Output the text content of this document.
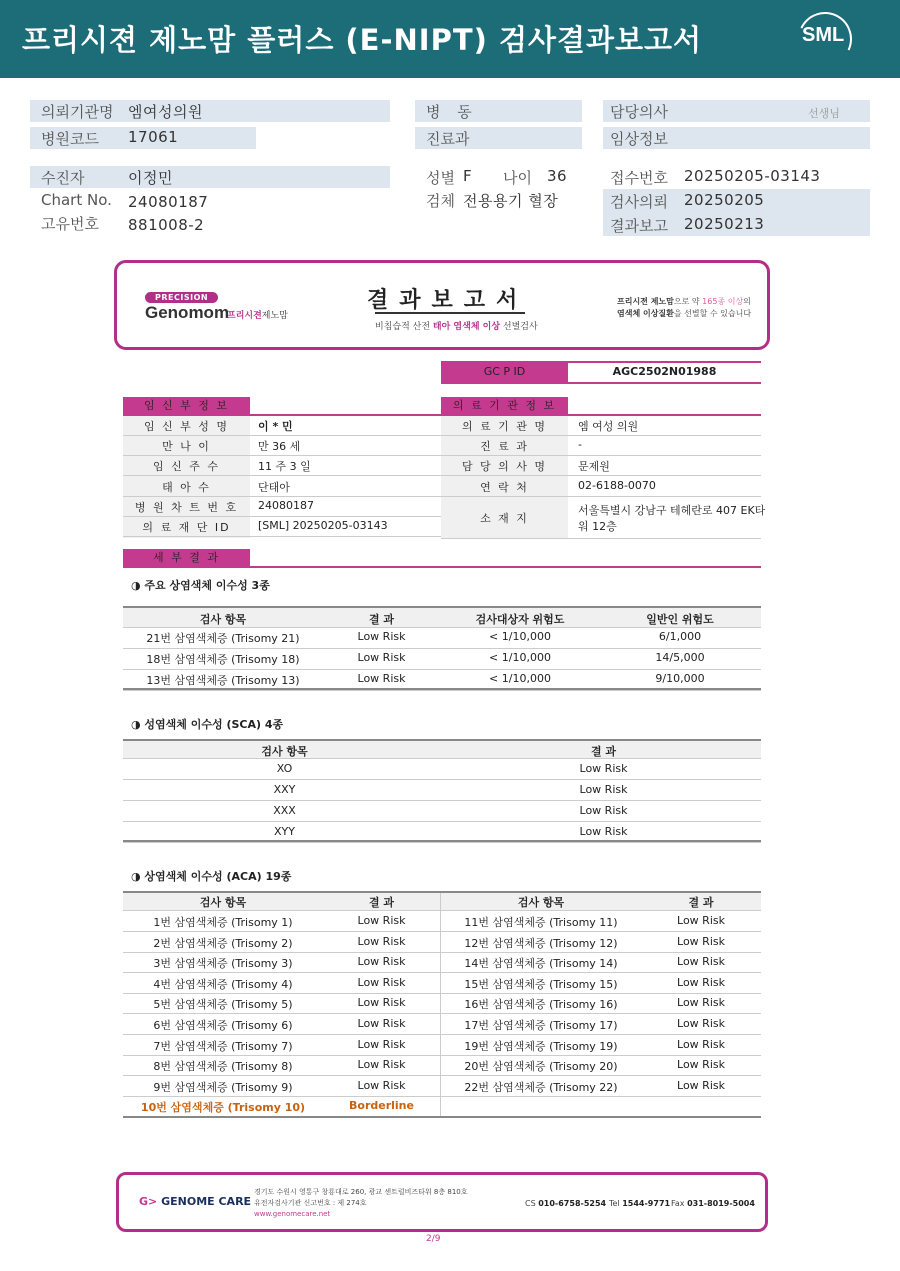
프리시젼 제노맘 플러스 (E-NIPT) 검사결과보고서	SML
의뢰기관명 엠여성의원
병원코드 17061
병 동
진료과
담당의사	선생님
임상정보
수진자	이정민
Chart No. 24080187
고유번호 881008-2
성별 F 나이 36
검체 전용용기 혈장
접수번호 20250205-03143
검사의뢰 20250205
결과보고 20250213
PRECISION
Genomom
프리시젼제노맘
결과보고서
비침습적 산전 태아 염색체 이상 선별검사
프리시젼 제노맘으로 약 165종 이상의
염색체 이상질환을 선별할 수 있습니다
GC P ID	AGC2502N01988
임 신 부 정 보
임 신 부 성 명	이 * 민
만 나 이	만 36 세
임 신 주 수	11 주 3 일
태 아 수	단태아
병 원 차 트 번 호	24080187
의 료 재 단 ID	[SML] 20250205-03143
의 료 기 관 정 보
의 료 기 관 명	엠 여성 의원
진 료 과	-
담 당 의 사 명	문제원
연 락 처	02-6188-0070
소 재 지
서울특별시 강남구 테헤란로 407 EK타
워 12층
세 부 결 과
◑ 주요 상염색체 이수성 3종
검사 항목	결 과	검사대상자 위험도	일반인 위험도
21번 삼염색체증 (Trisomy 21)	Low Risk	< 1/10,000	6/1,000
18번 삼염색체증 (Trisomy 18)	Low Risk	< 1/10,000	14/5,000
13번 삼염색체증 (Trisomy 13)	Low Risk	< 1/10,000	9/10,000
◑ 성염색체 이수성 (SCA) 4종
검사 항목	결 과
XO	Low Risk
XXY	Low Risk
XXX	Low Risk
XYY	Low Risk
◑ 상염색체 이수성 (ACA) 19종
검사 항목	결 과	검사 항목	결 과
1번 삼염색체증 (Trisomy 1)	Low Risk	11번 삼염색체증 (Trisomy 11)	Low Risk
2번 삼염색체증 (Trisomy 2)	Low Risk	12번 삼염색체증 (Trisomy 12)	Low Risk
3번 삼염색체증 (Trisomy 3)	Low Risk	14번 삼염색체증 (Trisomy 14)	Low Risk
4번 삼염색체증 (Trisomy 4)	Low Risk	15번 삼염색체증 (Trisomy 15)	Low Risk
5번 삼염색체증 (Trisomy 5)	Low Risk	16번 삼염색체증 (Trisomy 16)	Low Risk
6번 삼염색체증 (Trisomy 6)	Low Risk	17번 삼염색체증 (Trisomy 17)	Low Risk
7번 삼염색체증 (Trisomy 7)	Low Risk	19번 삼염색체증 (Trisomy 19)	Low Risk
8번 삼염색체증 (Trisomy 8)	Low Risk	20번 삼염색체증 (Trisomy 20)	Low Risk
9번 삼염색체증 (Trisomy 9)	Low Risk	22번 삼염색체증 (Trisomy 22)	Low Risk
10번 삼염색체증 (Trisomy 10)	Borderline
G> GENOME CARE
경기도 수원시 영통구 창룡대로 260, 광교 센트럴비즈타워 8층 810호
유전자검사기관 신고번호 : 제 274호
www.genomecare.net
CS 010-6758-5254 Tel 1544-9771 Fax 031-8019-5004
2/9
